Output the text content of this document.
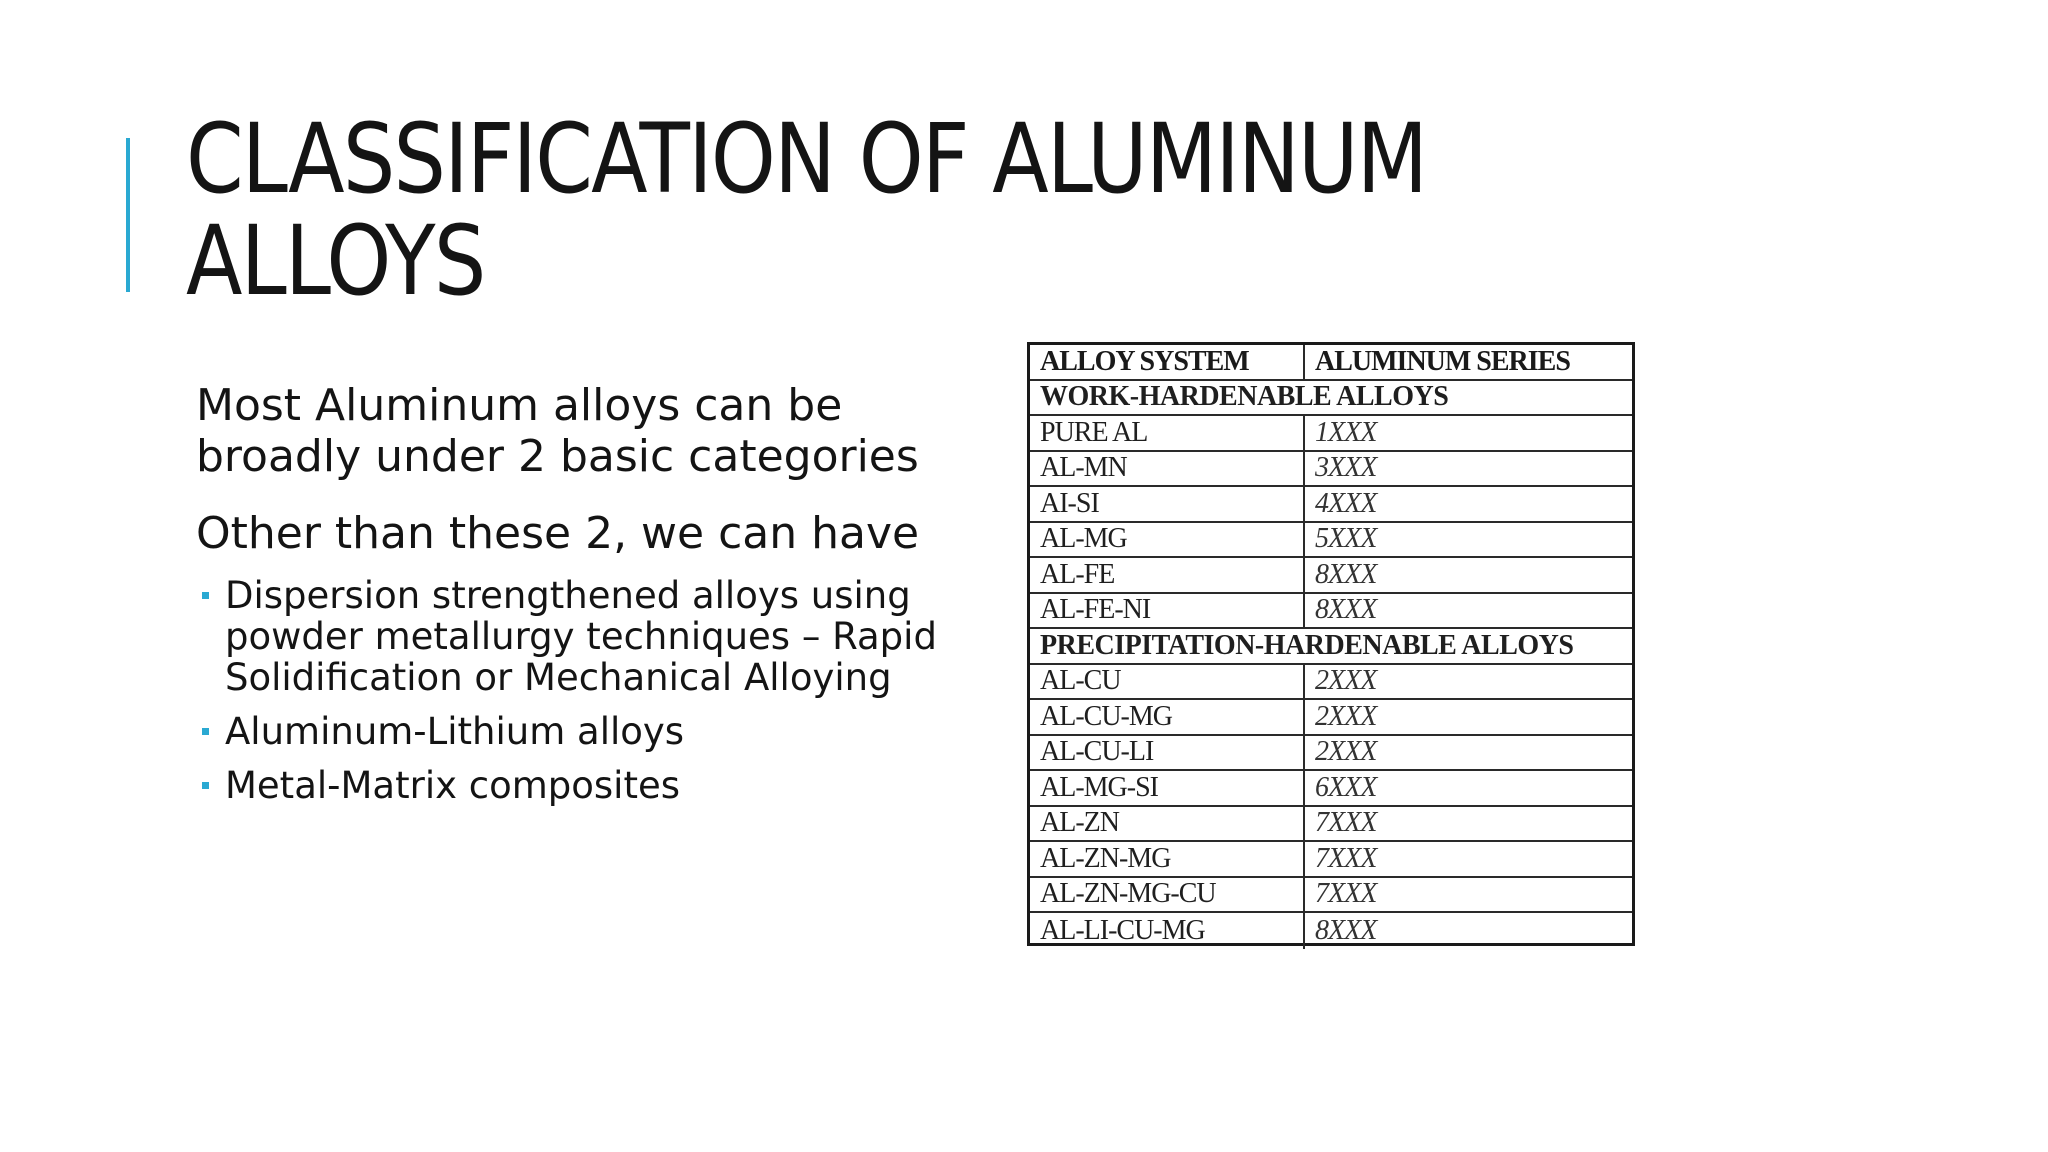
CLASSIFICATION OF ALUMINUM
ALLOYS

Most Aluminum alloys can be broadly under 2 basic categories

Other than these 2, we can have

Dispersion strengthened alloys using powder metallurgy techniques – Rapid Solidification or Mechanical Alloying
Aluminum-Lithium alloys
Metal-Matrix composites
ALLOY SYSTEM	ALUMINUM SERIES
WORK-HARDENABLE ALLOYS
PURE AL	1XXX
AL-MN	3XXX
AI-SI	4XXX
AL-MG	5XXX
AL-FE	8XXX
AL-FE-NI	8XXX
PRECIPITATION-HARDENABLE ALLOYS
AL-CU	2XXX
AL-CU-MG	2XXX
AL-CU-LI	2XXX
AL-MG-SI	6XXX
AL-ZN	7XXX
AL-ZN-MG	7XXX
AL-ZN-MG-CU	7XXX
AL-LI-CU-MG	8XXX
